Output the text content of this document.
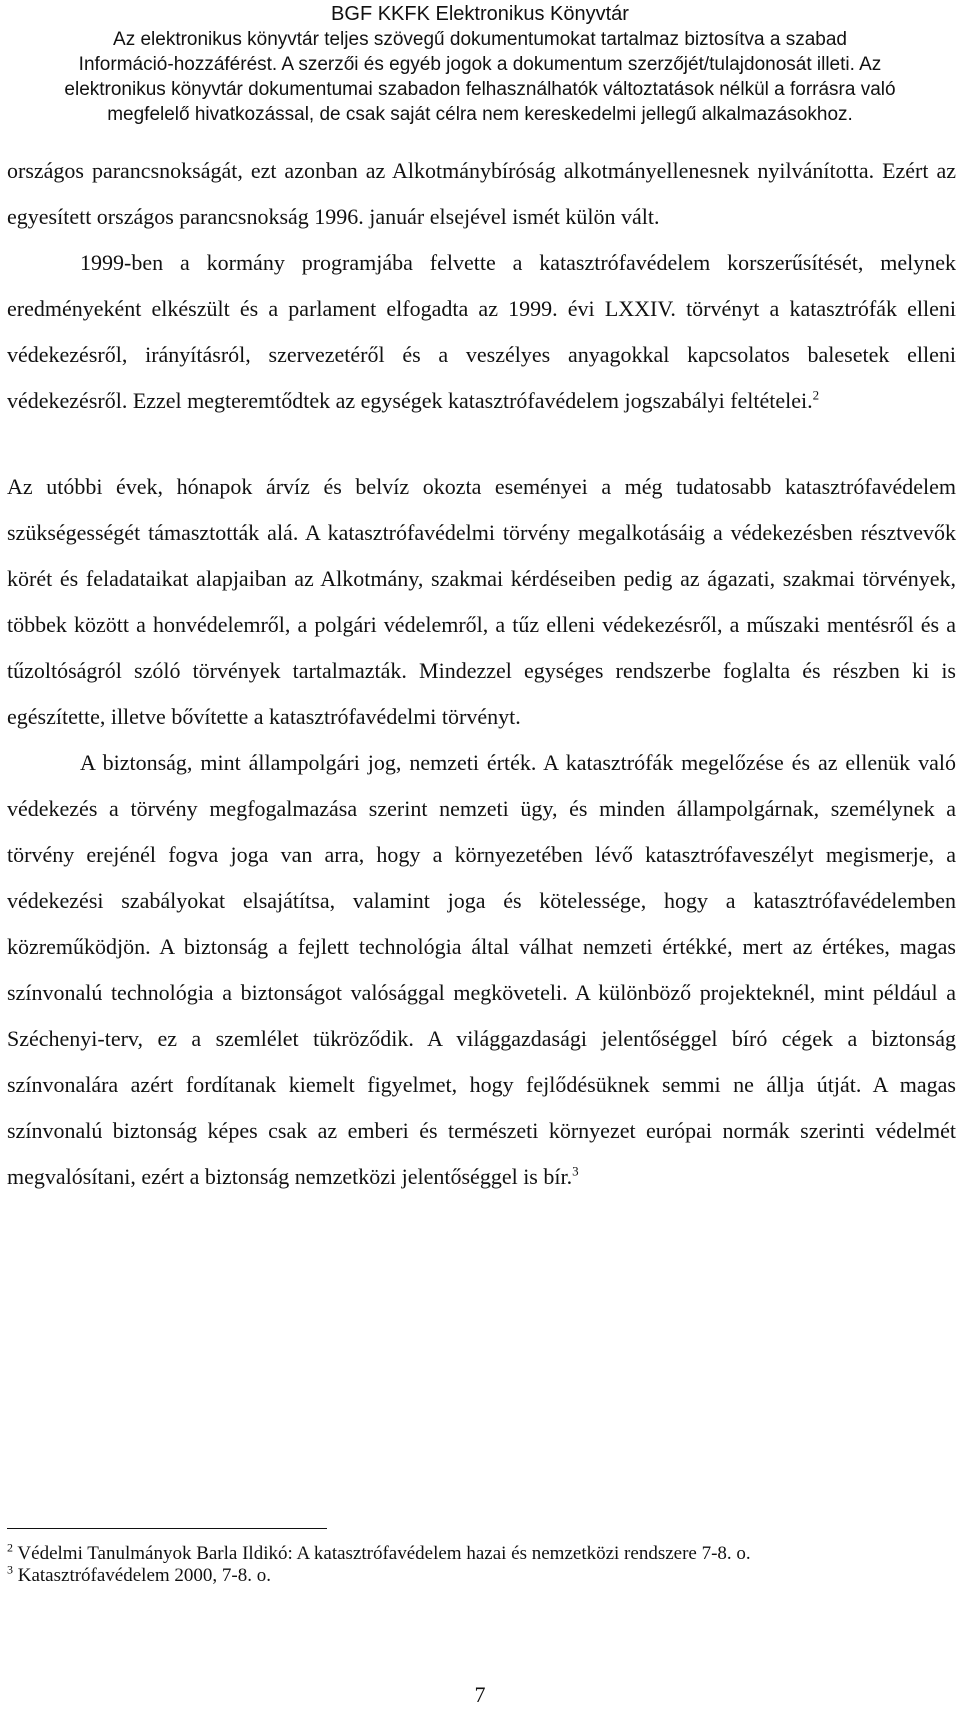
BGF KKFK Elektronikus Könyvtár
Az elektronikus könyvtár teljes szövegű dokumentumokat tartalmaz biztosítva a szabad
Információ-hozzáférést. A szerzői és egyéb jogok a dokumentum szerzőjét/tulajdonosát illeti. Az
elektronikus könyvtár dokumentumai szabadon felhasználhatók változtatások nélkül a forrásra való
megfelelő hivatkozással, de csak saját célra nem kereskedelmi jellegű alkalmazásokhoz.

országos parancsnokságát, ezt azonban az Alkotmánybíróság alkotmányellenesnek nyilvánította. Ezért az egyesített országos parancsnokság 1996. január elsejével ismét külön vált.

1999-ben a kormány programjába felvette a katasztrófavédelem korszerűsítését, melynek eredményeként elkészült és a parlament elfogadta az 1999. évi LXXIV. törvényt a katasztrófák elleni védekezésről, irányításról, szervezetéről és a veszélyes anyagokkal kapcsolatos balesetek elleni védekezésről. Ezzel megteremtődtek az egységek katasztrófavédelem jogszabályi feltételei.$^2$

Az utóbbi évek, hónapok árvíz és belvíz okozta eseményei a még tudatosabb katasztrófavédelem szükségességét támasztották alá. A katasztrófavédelmi törvény megalkotásáig a védekezésben résztvevők körét és feladataikat alapjaiban az Alkotmány, szakmai kérdéseiben pedig az ágazati, szakmai törvények, többek között a honvédelemről, a polgári védelemről, a tűz elleni védekezésről, a műszaki mentésről és a tűzoltóságról szóló törvények tartalmazták. Mindezzel egységes rendszerbe foglalta és részben ki is egészítette, illetve bővítette a katasztrófavédelmi törvényt.

A biztonság, mint állampolgári jog, nemzeti érték. A katasztrófák megelőzése és az ellenük való védekezés a törvény megfogalmazása szerint nemzeti ügy, és minden állampolgárnak, személynek a törvény erejénél fogva joga van arra, hogy a környezetében lévő katasztrófaveszélyt megismerje, a védekezési szabályokat elsajátítsa, valamint joga és kötelessége, hogy a katasztrófavédelemben közreműködjön. A biztonság a fejlett technológia által válhat nemzeti értékké, mert az értékes, magas színvonalú technológia a biztonságot valósággal megköveteli. A különböző projekteknél, mint például a Széchenyi-terv, ez a szemlélet tükröződik. A világgazdasági jelentőséggel bíró cégek a biztonság színvonalára azért fordítanak kiemelt figyelmet, hogy fejlődésüknek semmi ne állja útját. A magas színvonalú biztonság képes csak az emberi és természeti környezet európai normák szerinti védelmét megvalósítani, ezért a biztonság nemzetközi jelentőséggel is bír.$^3$

$^2$ Védelmi Tanulmányok Barla Ildikó: A katasztrófavédelem hazai és nemzetközi rendszere 7-8. o.
$^3$ Katasztrófavédelem 2000, 7-8. o.
7
